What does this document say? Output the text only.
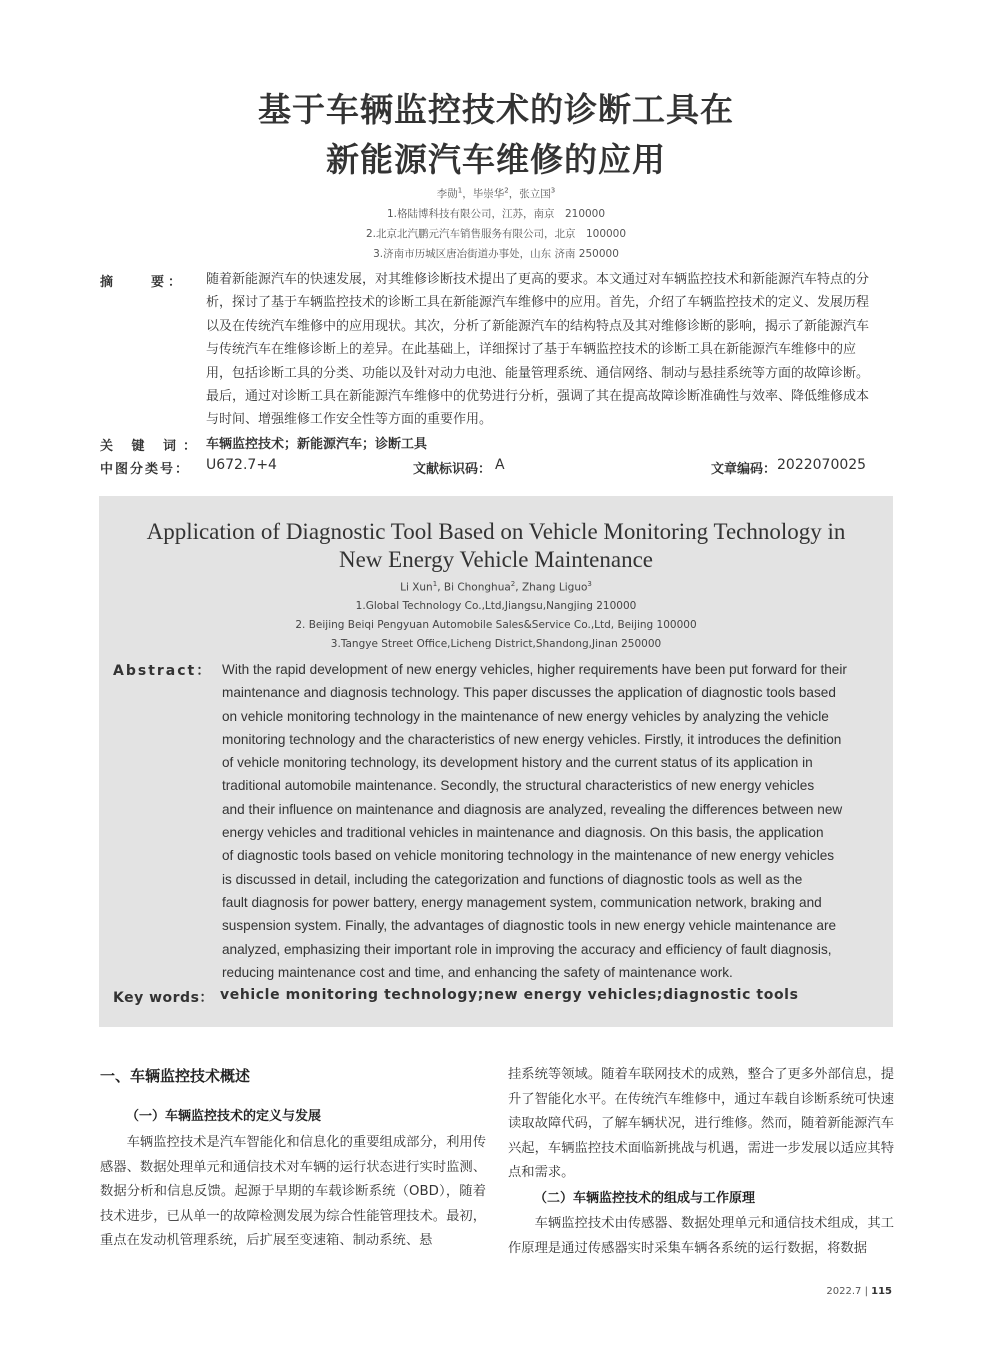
基于车辆监控技术的诊断工具在
新能源汽车维修的应用
李勋$^1$，毕崇华$^2$，张立国$^3$
1.格陆博科技有限公司，江苏，南京　210000
2.北京北汽鹏元汽车销售服务有限公司，北京　100000
3.济南市历城区唐冶街道办事处，山东 济南 250000
摘　　要： 随着新能源汽车的快速发展，对其维修诊断技术提出了更高的要求。本文通过对车辆监控技术和新能源汽车特点的分
析，探讨了基于车辆监控技术的诊断工具在新能源汽车维修中的应用。首先，介绍了车辆监控技术的定义、发展历程
以及在传统汽车维修中的应用现状。其次，分析了新能源汽车的结构特点及其对维修诊断的影响，揭示了新能源汽车
与传统汽车在维修诊断上的差异。在此基础上，详细探讨了基于车辆监控技术的诊断工具在新能源汽车维修中的应
用，包括诊断工具的分类、功能以及针对动力电池、能量管理系统、通信网络、制动与悬挂系统等方面的故障诊断。
最后，通过对诊断工具在新能源汽车维修中的优势进行分析，强调了其在提高故障诊断准确性与效率、降低维修成本
与时间、增强维修工作安全性等方面的重要作用。
关 键 词： 车辆监控技术；新能源汽车；诊断工具
中图分类号： U672.7+4	文献标识码： A	文章编码： 2022070025
Application of Diagnostic Tool Based on Vehicle Monitoring Technology in
New Energy Vehicle Maintenance
Li Xun$^1$, Bi Chonghua$^2$, Zhang Liguo$^3$
1.Global Technology Co.,Ltd,Jiangsu,Nangjing 210000
2. Beijing Beiqi Pengyuan Automobile Sales&Service Co.,Ltd, Beijing 100000
3.Tangye Street Office,Licheng District,Shandong,Jinan 250000
Abstract： With the rapid development of new energy vehicles, higher requirements have been put forward for their
maintenance and diagnosis technology. This paper discusses the application of diagnostic tools based
on vehicle monitoring technology in the maintenance of new energy vehicles by analyzing the vehicle
monitoring technology and the characteristics of new energy vehicles. Firstly, it introduces the definition
of vehicle monitoring technology, its development history and the current status of its application in
traditional automobile maintenance. Secondly, the structural characteristics of new energy vehicles
and their influence on maintenance and diagnosis are analyzed, revealing the differences between new
energy vehicles and traditional vehicles in maintenance and diagnosis. On this basis, the application
of diagnostic tools based on vehicle monitoring technology in the maintenance of new energy vehicles
is discussed in detail, including the categorization and functions of diagnostic tools as well as the
fault diagnosis for power battery, energy management system, communication network, braking and
suspension system. Finally, the advantages of diagnostic tools in new energy vehicle maintenance are
analyzed, emphasizing their important role in improving the accuracy and efficiency of fault diagnosis,
reducing maintenance cost and time, and enhancing the safety of maintenance work.
Key words： vehicle monitoring technology;new energy vehicles;diagnostic tools
一、车辆监控技术概述
（一）车辆监控技术的定义与发展

车辆监控技术是汽车智能化和信息化的重要组成部分，利用传感器、数据处理单元和通信技术对车辆的运行状态进行实时监测、数据分析和信息反馈。起源于早期的车载诊断系统（OBD），随着技术进步，已从单一的故障检测发展为综合性能管理技术。最初，重点在发动机管理系统，后扩展至变速箱、制动系统、悬

挂系统等领域。随着车联网技术的成熟，整合了更多外部信息，提升了智能化水平。在传统汽车维修中，通过车载自诊断系统可快速读取故障代码，了解车辆状况，进行维修。然而，随着新能源汽车兴起，车辆监控技术面临新挑战与机遇，需进一步发展以适应其特点和需求。

（二）车辆监控技术的组成与工作原理

车辆监控技术由传感器、数据处理单元和通信技术组成，其工作原理是通过传感器实时采集车辆各系统的运行数据，将数据

2022.7 | 115
